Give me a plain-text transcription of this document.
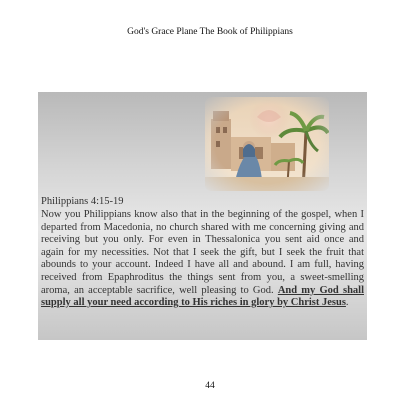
God's Grace Plane The Book of Philippians
Philippians 4:15-19
Now you Philippians know also that in the beginning of the gospel, when I departed from Macedonia, no church shared with me concerning giving and receiving but you only. For even in Thessalonica you sent aid once and again for my necessities. Not that I seek the gift, but I seek the fruit that abounds to your account. Indeed I have all and abound. I am full, having received from Epaphroditus the things sent from you, a sweet-smelling aroma, an acceptable sacrifice, well pleasing to God. And my God shall supply all your need according to His riches in glory by Christ Jesus.
44
